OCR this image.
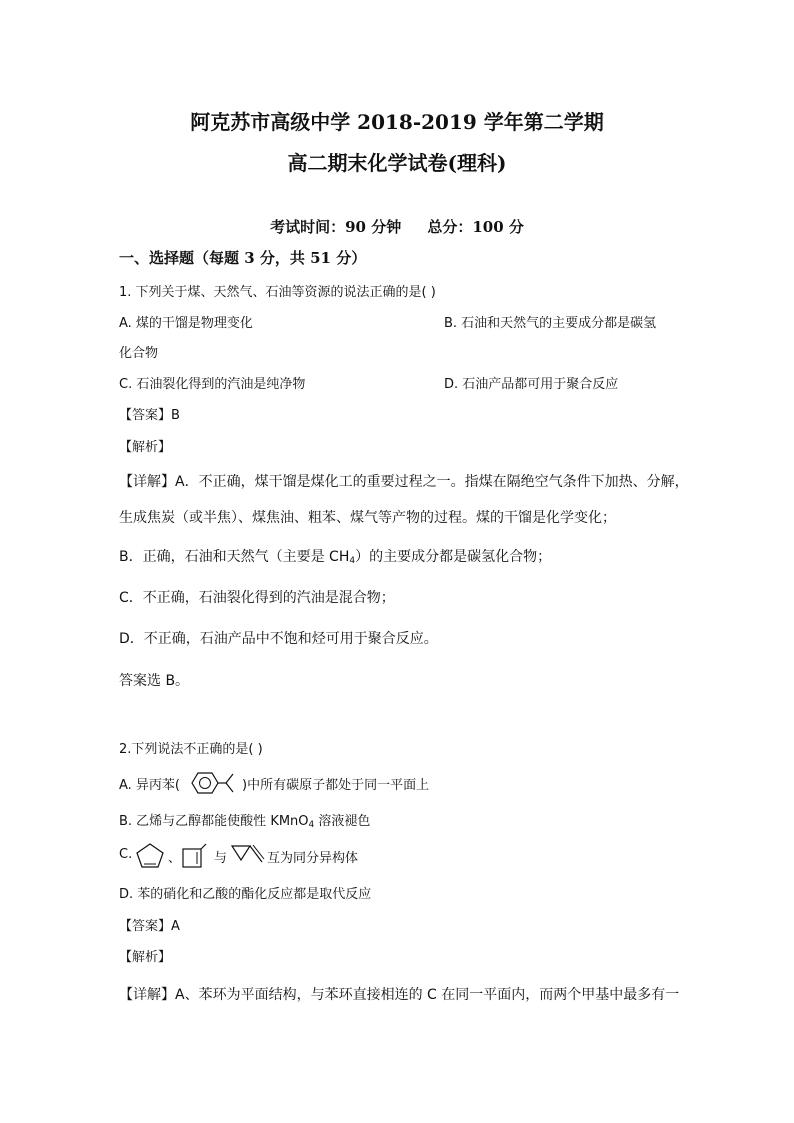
阿克苏市高级中学 2018-2019 学年第二学期
高二期末化学试卷(理科)
考试时间：90 分钟 总分：100 分
一、选择题（每题 3 分，共 51 分）
1. 下列关于煤、天然气、石油等资源的说法正确的是( )
A. 煤的干馏是物理变化	B. 石油和天然气的主要成分都是碳氢
化合物
C. 石油裂化得到的汽油是纯净物	D. 石油产品都可用于聚合反应
【答案】B
【解析】
【详解】A．不正确，煤干馏是煤化工的重要过程之一。指煤在隔绝空气条件下加热、分解，
生成焦炭（或半焦）、煤焦油、粗苯、煤气等产物的过程。煤的干馏是化学变化；
B．正确，石油和天然气（主要是 $CH_4$）的主要成分都是碳氢化合物；
C．不正确，石油裂化得到的汽油是混合物；
D．不正确，石油产品中不饱和烃可用于聚合反应。
答案选 B。
2.下列说法不正确的是( )
A. 异丙苯(	)中所有碳原子都处于同一平面上
B. 乙烯与乙醇都能使酸性 KMnO$_4$ 溶液褪色
C.	、	与	互为同分异构体
D. 苯的硝化和乙酸的酯化反应都是取代反应
【答案】A
【解析】
【详解】A、苯环为平面结构，与苯环直接相连的 C 在同一平面内，而两个甲基中最多有一
